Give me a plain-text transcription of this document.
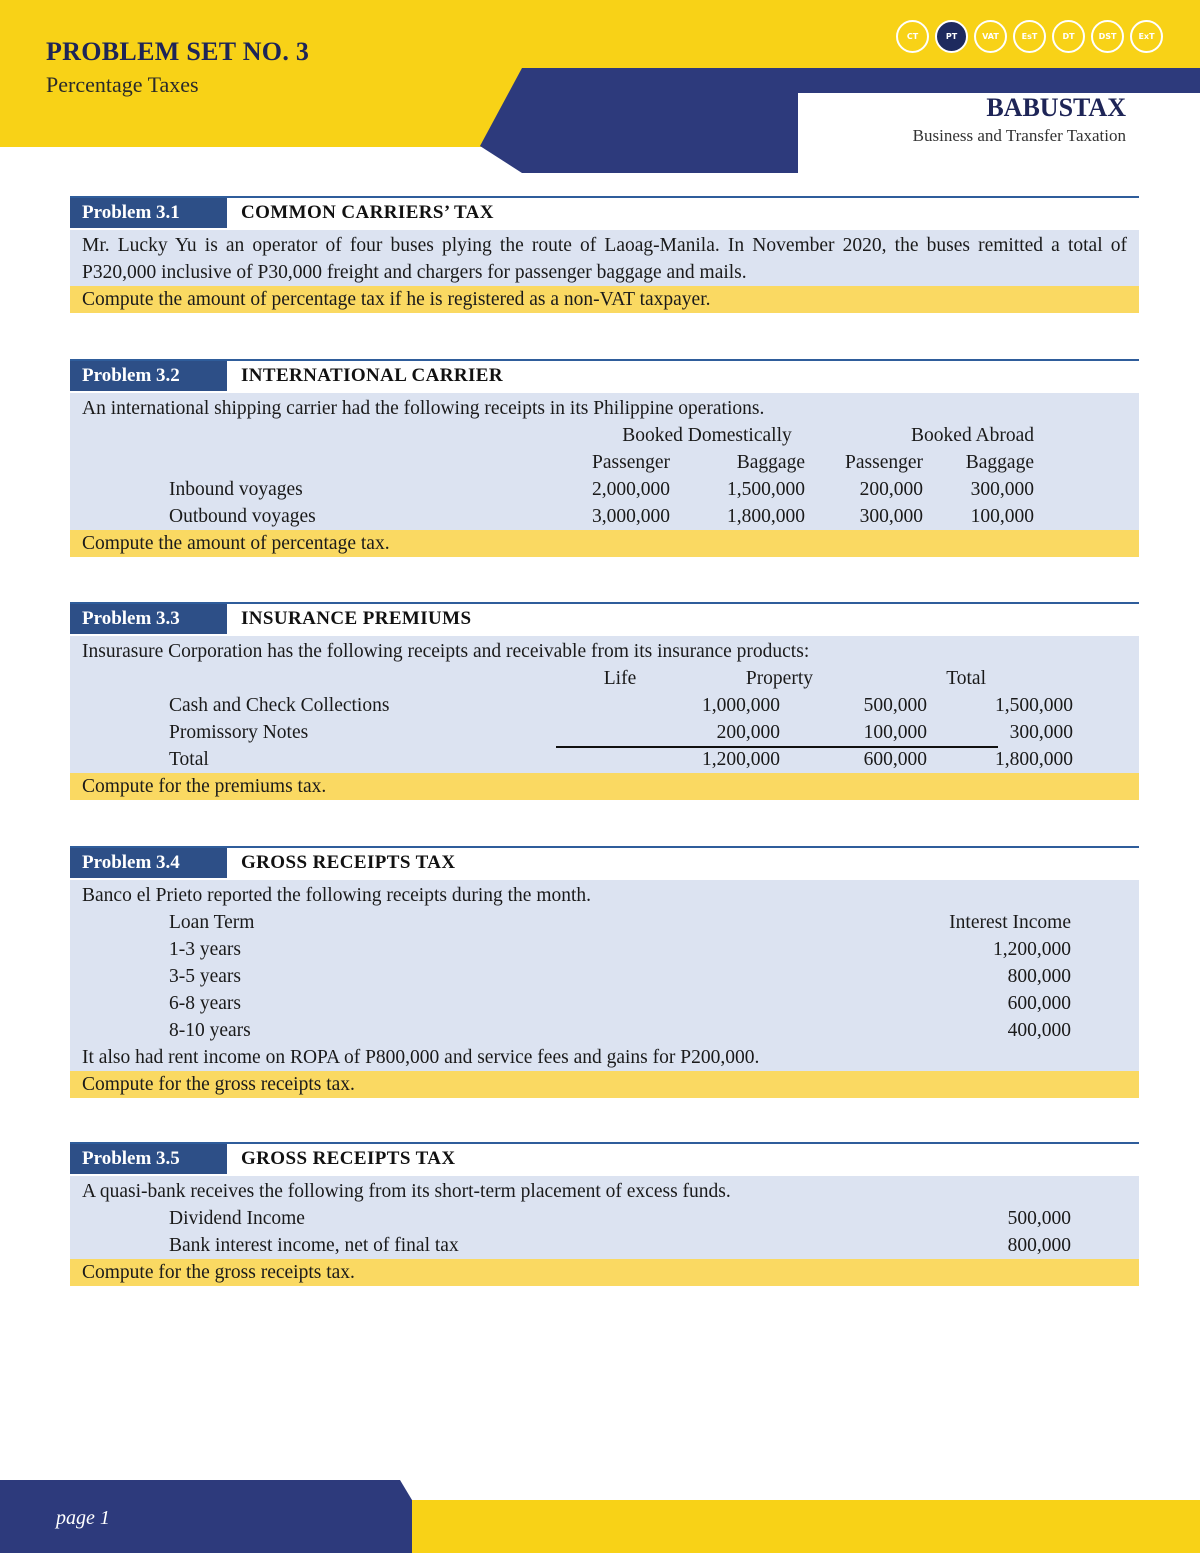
PROBLEM SET NO. 3
Percentage Taxes
BABUSTAX
Business and Transfer Taxation
CT	PT	VAT	EsT	DT	DST	ExT
Problem 3.1	COMMON CARRIERS’ TAX
Mr. Lucky Yu is an operator of four buses plying the route of Laoag-Manila. In November 2020, the buses remitted a total of P320,000 inclusive of P30,000 freight and chargers for passenger baggage and mails.
Compute the amount of percentage tax if he is registered as a non-VAT taxpayer.
Problem 3.2	INTERNATIONAL CARRIER
An international shipping carrier had the following receipts in its Philippine operations.
Booked Domestically	Booked Abroad
Passenger	Baggage	Passenger	Baggage
Inbound voyages	2,000,000	1,500,000	200,000	300,000
Outbound voyages	3,000,000	1,800,000	300,000	100,000
Compute the amount of percentage tax.
Problem 3.3	INSURANCE PREMIUMS
Insurasure Corporation has the following receipts and receivable from its insurance products:
Life	Property	Total
Cash and Check Collections	1,000,000	500,000	1,500,000
Promissory Notes	200,000	100,000	300,000
Total	1,200,000	600,000	1,800,000
Compute for the premiums tax.
Problem 3.4	GROSS RECEIPTS TAX
Banco el Prieto reported the following receipts during the month.
Loan Term	Interest Income
1-3 years	1,200,000
3-5 years	800,000
6-8 years	600,000
8-10 years	400,000
It also had rent income on ROPA of P800,000 and service fees and gains for P200,000.
Compute for the gross receipts tax.
Problem 3.5	GROSS RECEIPTS TAX
A quasi-bank receives the following from its short-term placement of excess funds.
Dividend Income	500,000
Bank interest income, net of final tax	800,000
Compute for the gross receipts tax.
page 1
